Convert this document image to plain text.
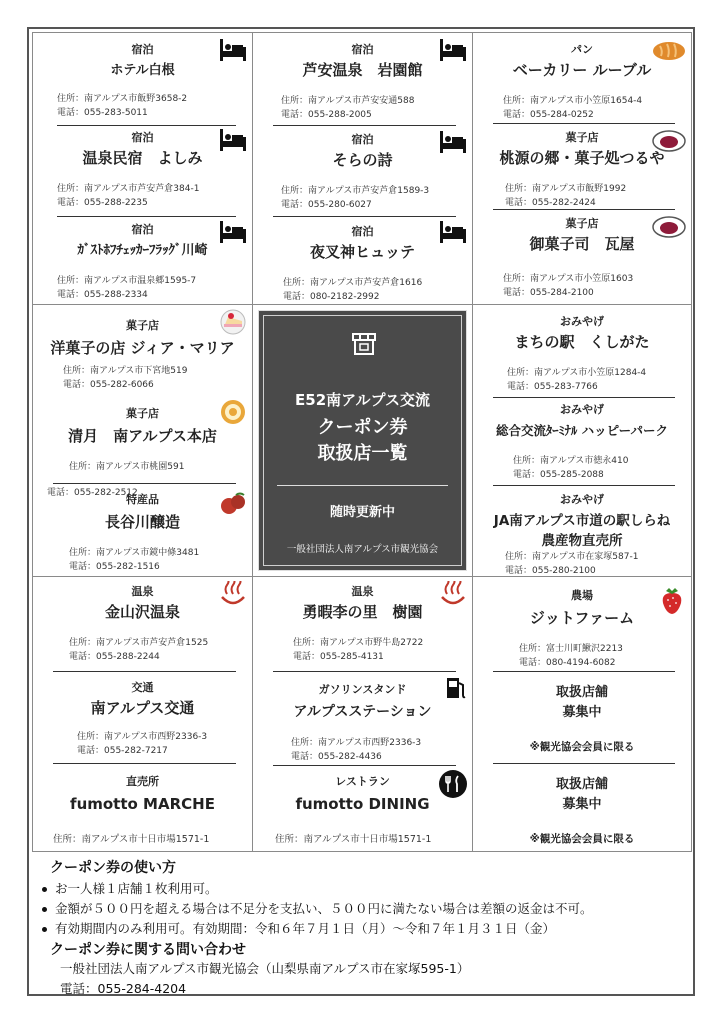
宿泊
ホテル白根
住所：南アルプス市飯野3658-2
電話：055-283-5011
宿泊
温泉民宿　よしみ
住所：南アルプス市芦安芦倉384-1
電話：055-288-2235
宿泊
ｶﾞｽﾄﾎﾌﾁｪｯｶｰﾌﾗｯｸﾞ川崎
住所：南アルプス市温泉郷1595-7
電話：055-288-2334
宿泊
芦安温泉　岩園館
住所：南アルプス市芦安安通588
電話：055-288-2005
宿泊
そらの詩
住所：南アルプス市芦安芦倉1589-3
電話：055-280-6027
宿泊
夜叉神ヒュッテ
住所：南アルプス市芦安芦倉1616
電話：080-2182-2992
パン
ベーカリー ルーブル
住所：南アルプス市小笠原1654-4
電話：055-284-0252
菓子店
桃源の郷・菓子処つるや
住所：南アルプス市飯野1992
電話：055-282-2424
菓子店
御菓子司　瓦屋
住所：南アルプス市小笠原1603
電話：055-284-2100
菓子店
洋菓子の店 ジィア・マリア
住所：南アルプス市下宮地519
電話：055-282-6066
菓子店
清月　南アルプス本店
住所：南アルプス市桃園591
電話：055-282-2512
特産品
長谷川醸造
住所：南アルプス市鏡中條3481
電話：055-282-1516
E52南アルプス交流
クーポン券
取扱店一覧
随時更新中
一般社団法人南アルプス市観光協会
おみやげ
まちの駅　くしがた
住所：南アルプス市小笠原1284-4
電話：055-283-7766
おみやげ
総合交流ﾀｰﾐﾅﾙ ハッピーパーク
住所：南アルプス市徳永410
電話：055-285-2088
おみやげ
JA南アルプス市道の駅しらね
農産物直売所
住所：南アルプス市在家塚587-1
電話：055-280-2100
温泉
金山沢温泉
住所：南アルプス市芦安芦倉1525
電話：055-288-2244
交通
南アルプス交通
住所：南アルプス市西野2336-3
電話：055-282-7217
直売所
fumotto MARCHE
住所：南アルプス市十日市場1571-1
温泉
勇暇李の里　樹園
住所：南アルプス市野牛島2722
電話：055-285-4131
ガソリンスタンド
アルプスステーション
住所：南アルプス市西野2336-3
電話：055-282-4436
レストラン
fumotto DINING
住所：南アルプス市十日市場1571-1
農場
ジットファーム
住所：富士川町鰍沢2213
電話：080-4194-6082
取扱店舗
募集中
※観光協会会員に限る
取扱店舗
募集中
※観光協会会員に限る
クーポン券の使い方
お一人様１店舗１枚利用可。
金額が５００円を超える場合は不足分を支払い、５００円に満たない場合は差額の返金は不可。
有効期間内のみ利用可。有効期間：令和６年７月１日（月）～令和７年１月３１日（金）
クーポン券に関する問い合わせ
一般社団法人南アルプス市観光協会（山梨県南アルプス市在家塚595-1）
電話：055-284-4204
